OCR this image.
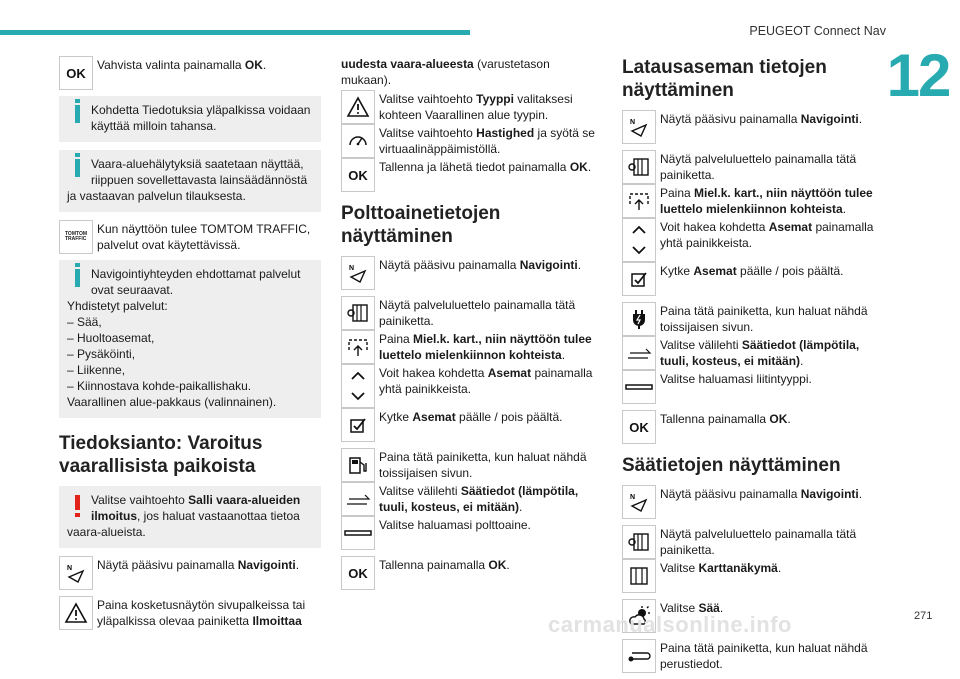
PEUGEOT Connect Nav
12
OK
Vahvista valinta painamalla OK.
Kohdetta Tiedotuksia yläpalkissa voidaan käyttää milloin tahansa.
Vaara-aluehälytyksiä saatetaan näyttää, riippuen sovellettavasta lainsäädännöstä
ja vastaavan palvelun tilauksesta.
TOMTOM
TRAFFIC
Kun näyttöön tulee TOMTOM TRAFFIC, palvelut ovat käytettävissä.
Navigointiyhteyden ehdottamat palvelut ovat seuraavat.
Yhdistetyt palvelut:
– Sää,
– Huoltoasemat,
– Pysäköinti,
– Liikenne,
– Kiinnostava kohde-paikallishaku.
Vaarallinen alue-pakkaus (valinnainen).
Tiedoksianto: Varoitus vaarallisista paikoista
Valitse vaihtoehto Salli vaara-alueiden ilmoitus, jos haluat vastaanottaa tietoa
vaara-alueista.
N Näytä pääsivu painamalla Navigointi.
Paina kosketusnäytön sivupalkeissa tai yläpalkissa olevaa painiketta Ilmoittaa
uudesta vaara-alueesta (varustetason mukaan).
Valitse vaihtoehto Tyyppi valitaksesi kohteen Vaarallinen alue tyypin.
Valitse vaihtoehto Hastighed ja syötä se virtuaalinäppäimistöllä.
OK
Tallenna ja lähetä tiedot painamalla OK.
Polttoainetietojen näyttäminen
N Näytä pääsivu painamalla Navigointi.
Näytä palveluluettelo painamalla tätä painiketta.
Paina Miel.k. kart., niin näyttöön tulee luettelo mielenkiinnon kohteista.
Voit hakea kohdetta Asemat painamalla yhtä painikkeista.
Kytke Asemat päälle / pois päältä.
Paina tätä painiketta, kun haluat nähdä toissijaisen sivun.
Valitse välilehti Säätiedot (lämpötila, tuuli, kosteus, ei mitään).
Valitse haluamasi polttoaine.
OK
Tallenna painamalla OK.
Latausaseman tietojen näyttäminen
N Näytä pääsivu painamalla Navigointi.
Näytä palveluluettelo painamalla tätä painiketta.
Paina Miel.k. kart., niin näyttöön tulee luettelo mielenkiinnon kohteista.
Voit hakea kohdetta Asemat painamalla yhtä painikkeista.
Kytke Asemat päälle / pois päältä.
Paina tätä painiketta, kun haluat nähdä toissijaisen sivun.
Valitse välilehti Säätiedot (lämpötila, tuuli, kosteus, ei mitään).
Valitse haluamasi liitintyyppi.
OK
Tallenna painamalla OK.
Säätietojen näyttäminen
N Näytä pääsivu painamalla Navigointi.
Näytä palveluluettelo painamalla tätä painiketta.
Valitse Karttanäkymä.
Valitse Sää.
Paina tätä painiketta, kun haluat nähdä perustiedot.
carmanualsonline.info	271
